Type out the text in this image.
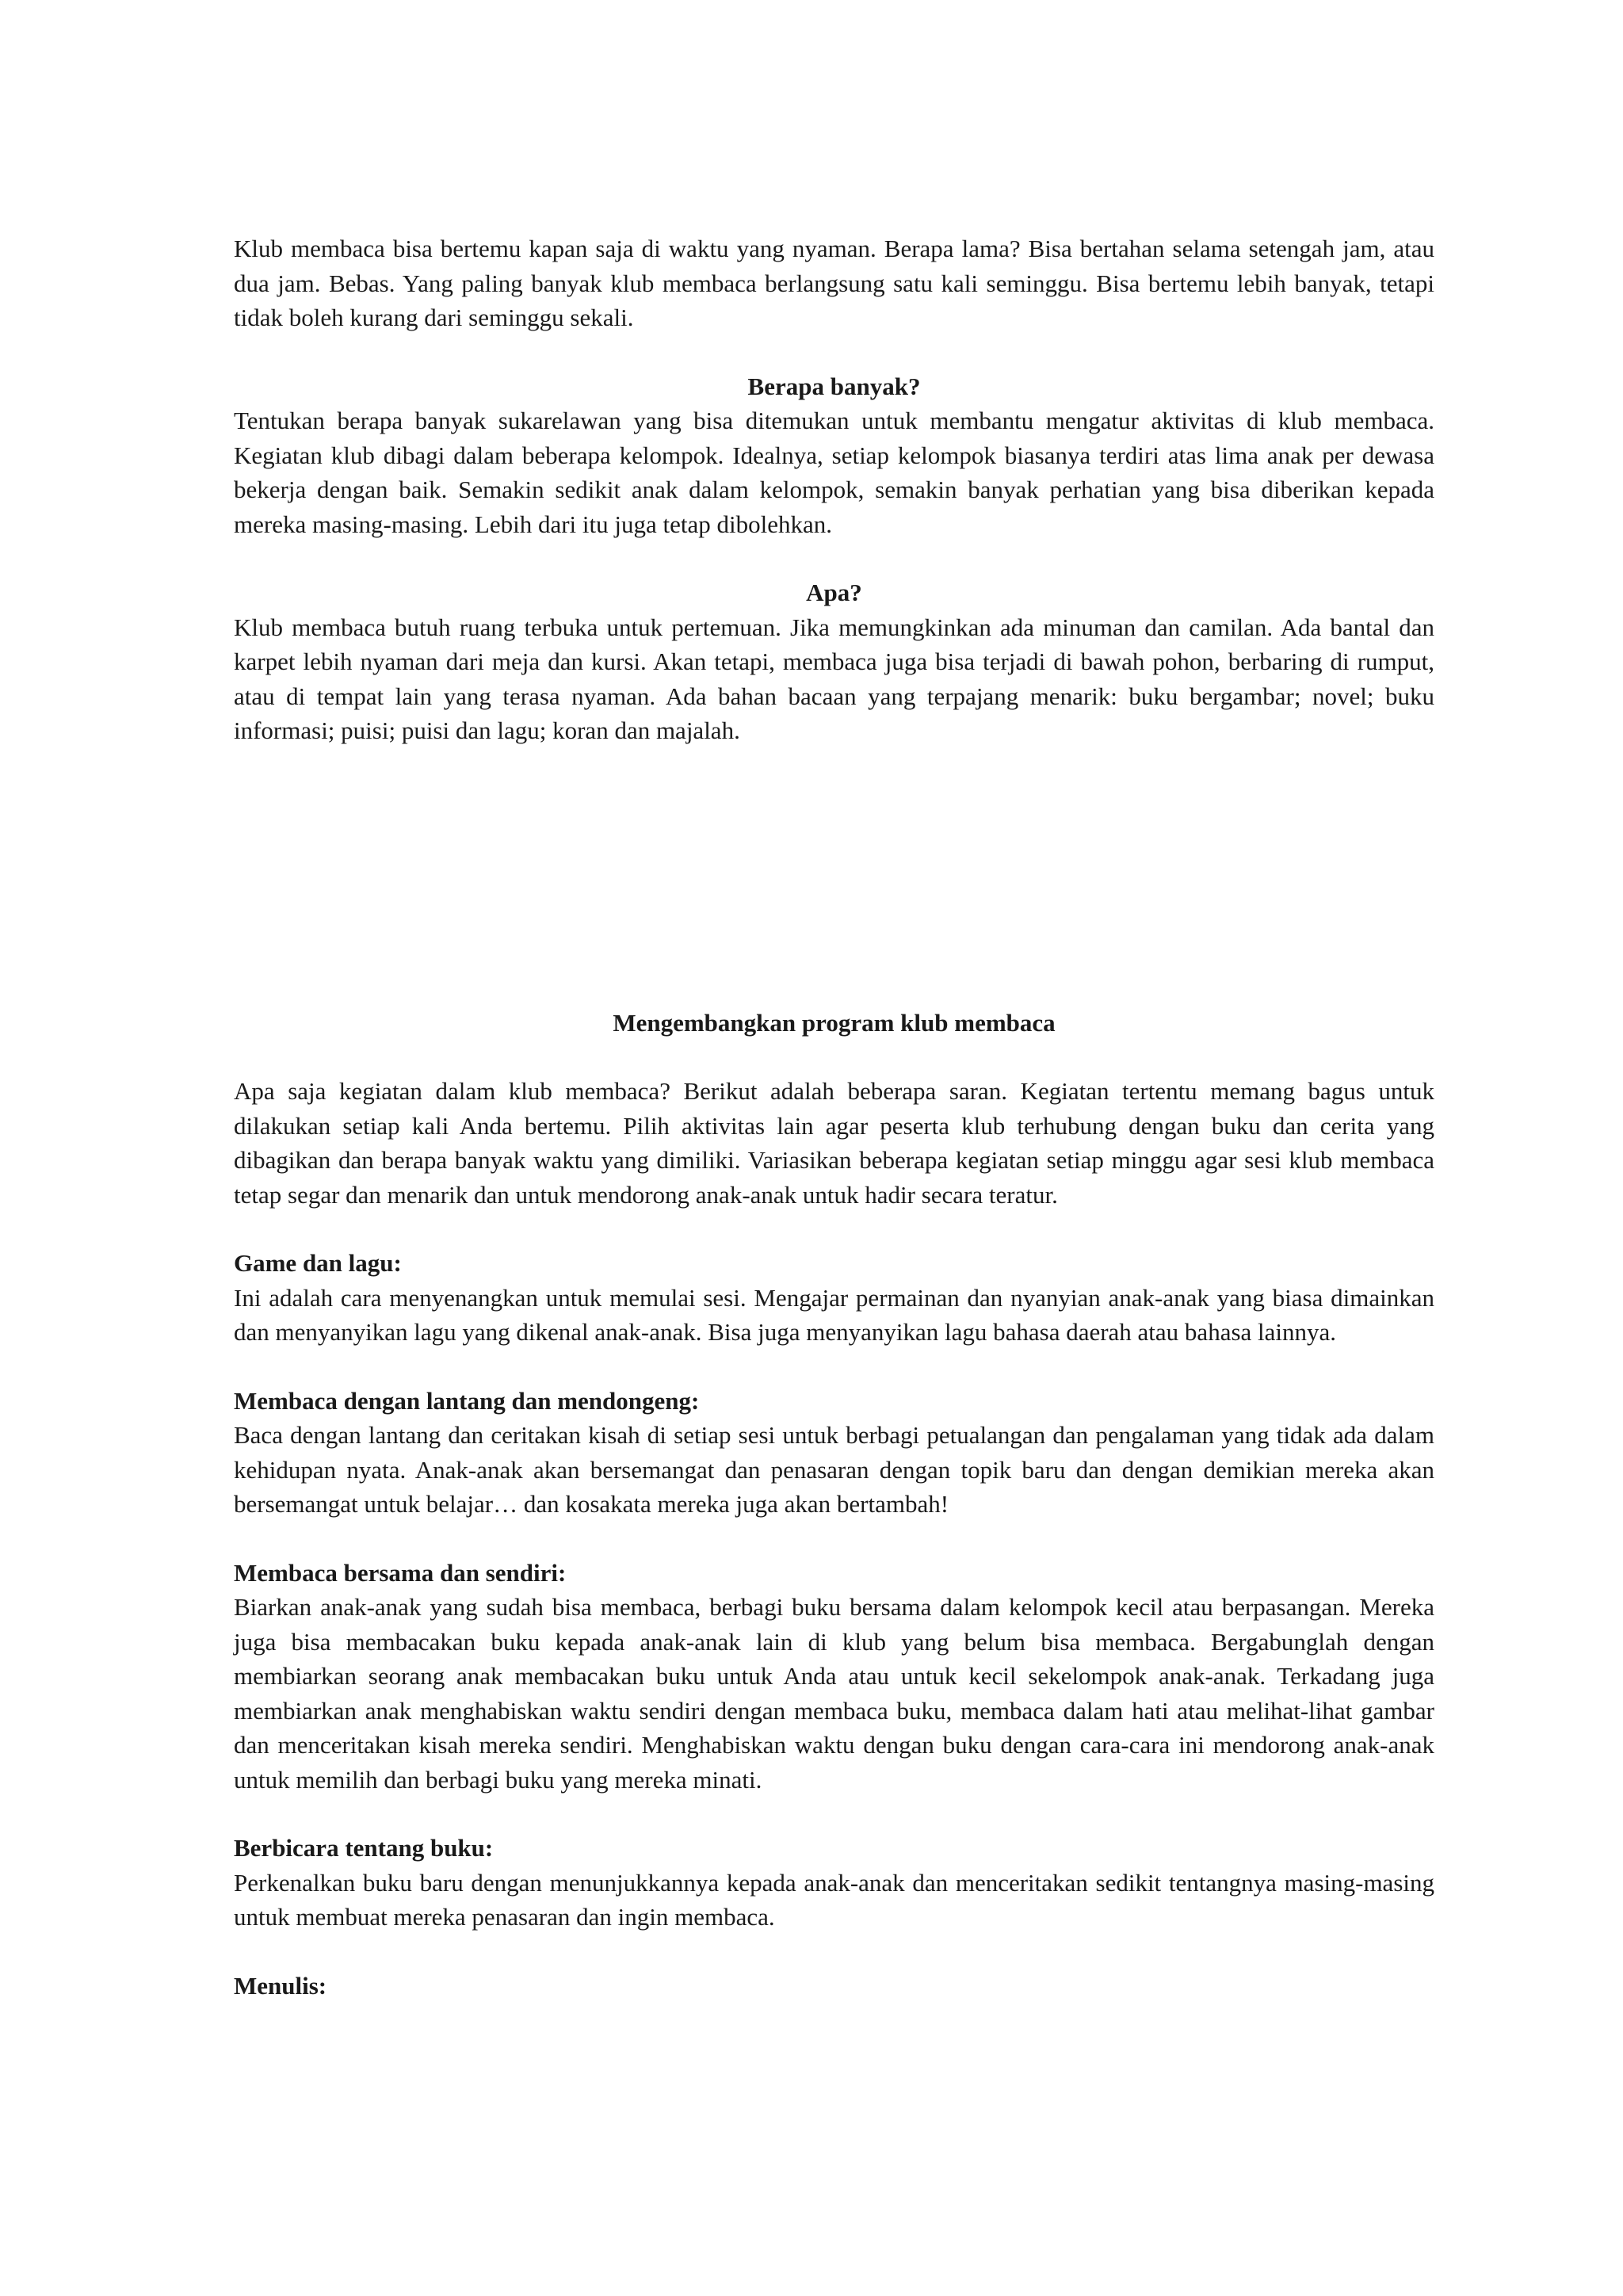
Klub membaca bisa bertemu kapan saja di waktu yang nyaman. Berapa lama? Bisa bertahan selama setengah jam, atau dua jam. Bebas. Yang paling banyak klub membaca berlangsung satu kali seminggu. Bisa bertemu lebih banyak, tetapi tidak boleh kurang dari seminggu sekali.

Berapa banyak?

Tentukan berapa banyak sukarelawan yang bisa ditemukan untuk membantu mengatur aktivitas di klub membaca. Kegiatan klub dibagi dalam beberapa kelompok. Idealnya, setiap kelompok biasanya terdiri atas lima anak per dewasa bekerja dengan baik. Semakin sedikit anak dalam kelompok, semakin banyak perhatian yang bisa diberikan kepada mereka masing-masing. Lebih dari itu juga tetap dibolehkan.

Apa?

Klub membaca butuh ruang terbuka untuk pertemuan. Jika memungkinkan ada minuman dan camilan. Ada bantal dan karpet lebih nyaman dari meja dan kursi. Akan tetapi, membaca juga bisa terjadi di bawah pohon, berbaring di rumput, atau di tempat lain yang terasa nyaman. Ada bahan bacaan yang terpajang menarik: buku bergambar; novel; buku informasi; puisi; puisi dan lagu; koran dan majalah.

Mengembangkan program klub membaca

Apa saja kegiatan dalam klub membaca? Berikut adalah beberapa saran. Kegiatan tertentu memang bagus untuk dilakukan setiap kali Anda bertemu. Pilih aktivitas lain agar peserta klub terhubung dengan buku dan cerita yang dibagikan dan berapa banyak waktu yang dimiliki. Variasikan beberapa kegiatan setiap minggu agar sesi klub membaca tetap segar dan menarik dan untuk mendorong anak-anak untuk hadir secara teratur.

Game dan lagu:

Ini adalah cara menyenangkan untuk memulai sesi. Mengajar permainan dan nyanyian anak-anak yang biasa dimainkan dan menyanyikan lagu yang dikenal anak-anak. Bisa juga menyanyikan lagu bahasa daerah atau bahasa lainnya.

Membaca dengan lantang dan mendongeng:

Baca dengan lantang dan ceritakan kisah di setiap sesi untuk berbagi petualangan dan pengalaman yang tidak ada dalam kehidupan nyata. Anak-anak akan bersemangat dan penasaran dengan topik baru dan dengan demikian mereka akan bersemangat untuk belajar… dan kosakata mereka juga akan bertambah!

Membaca bersama dan sendiri:

Biarkan anak-anak yang sudah bisa membaca, berbagi buku bersama dalam kelompok kecil atau berpasangan. Mereka juga bisa membacakan buku kepada anak-anak lain di klub yang belum bisa membaca. Bergabunglah dengan membiarkan seorang anak membacakan buku untuk Anda atau untuk kecil sekelompok anak-anak. Terkadang juga membiarkan anak menghabiskan waktu sendiri dengan membaca buku, membaca dalam hati atau melihat-lihat gambar dan menceritakan kisah mereka sendiri. Menghabiskan waktu dengan buku dengan cara-cara ini mendorong anak-anak untuk memilih dan berbagi buku yang mereka minati.

Berbicara tentang buku:

Perkenalkan buku baru dengan menunjukkannya kepada anak-anak dan menceritakan sedikit tentangnya masing-masing untuk membuat mereka penasaran dan ingin membaca.

Menulis:
